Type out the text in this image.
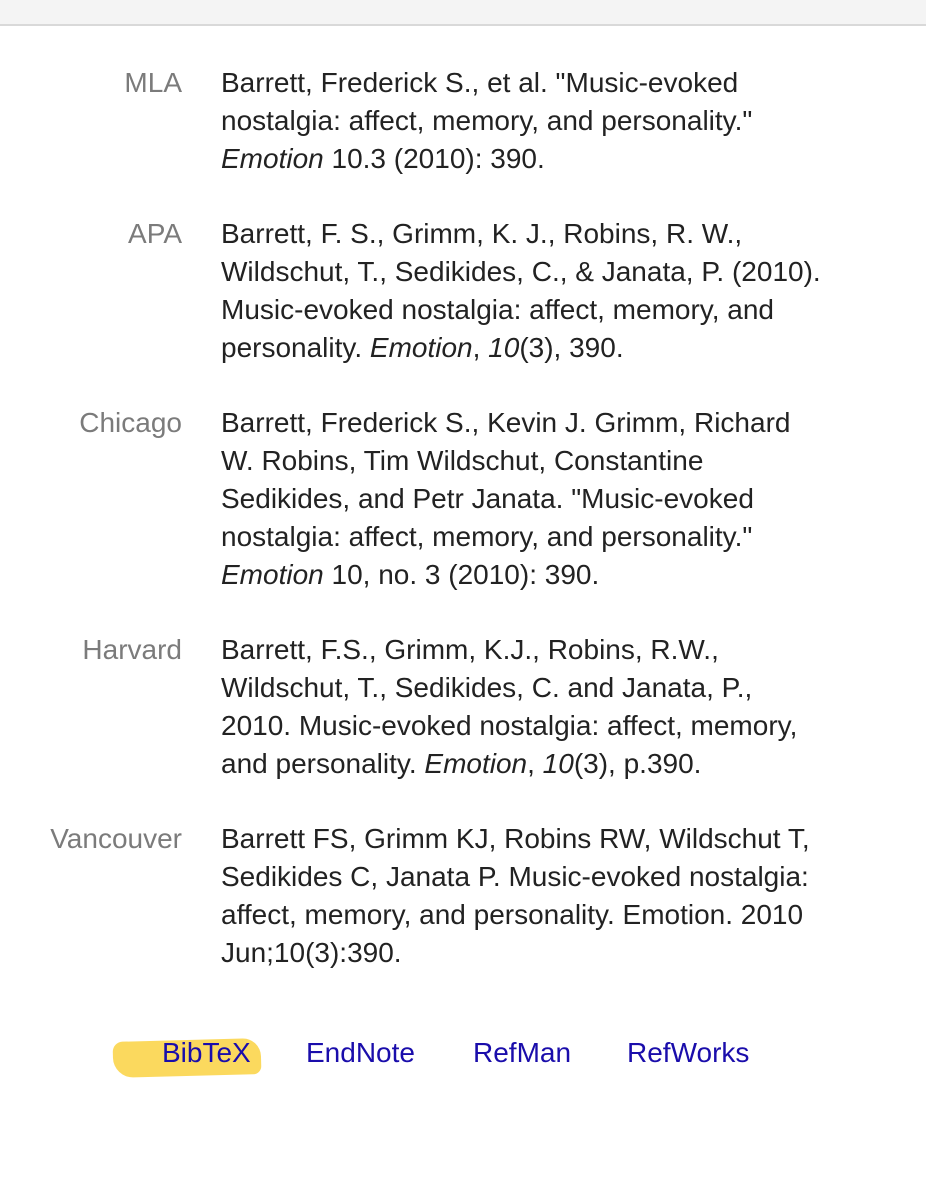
MLA Barrett, Frederick S., et al. "Music-evoked
nostalgia: affect, memory, and personality."
Emotion 10.3 (2010): 390.
APA Barrett, F. S., Grimm, K. J., Robins, R. W.,
Wildschut, T., Sedikides, C., & Janata, P. (2010).
Music-evoked nostalgia: affect, memory, and
personality. Emotion, 10(3), 390.
Chicago Barrett, Frederick S., Kevin J. Grimm, Richard
W. Robins, Tim Wildschut, Constantine
Sedikides, and Petr Janata. "Music-evoked
nostalgia: affect, memory, and personality."
Emotion 10, no. 3 (2010): 390.
Harvard Barrett, F.S., Grimm, K.J., Robins, R.W.,
Wildschut, T., Sedikides, C. and Janata, P.,
2010. Music-evoked nostalgia: affect, memory,
and personality. Emotion, 10(3), p.390.
Vancouver Barrett FS, Grimm KJ, Robins RW, Wildschut T,
Sedikides C, Janata P. Music-evoked nostalgia:
affect, memory, and personality. Emotion. 2010
Jun;10(3):390.
BibTeX EndNote RefMan RefWorks
